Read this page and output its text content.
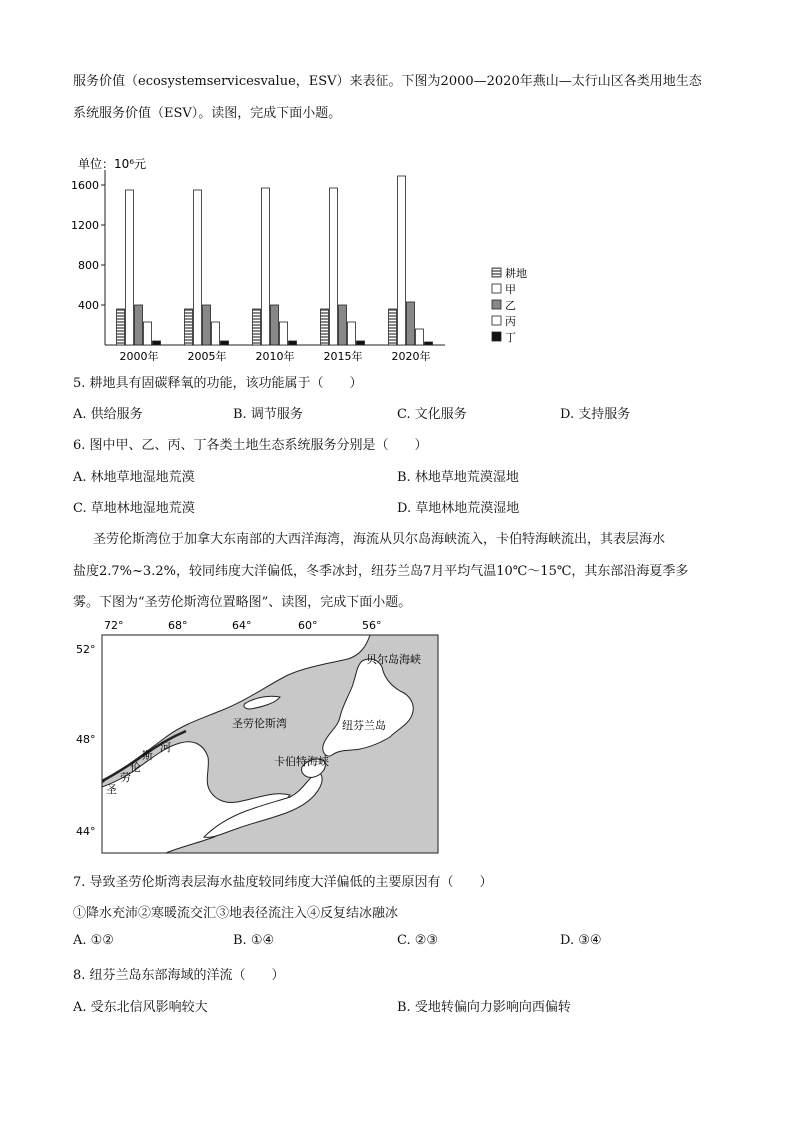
服务价值（ecosystemservicesvalue，ESV）来表征。下图为2000—2020年燕山—太行山区各类用地生态
系统服务价值（ESV）。读图，完成下面小题。
单位：10⁶元
400
800
1200
1600
2000年	2005年	2010年	2015年	2020年
耕地
甲
乙
丙
丁
5. 耕地具有固碳释氧的功能，该功能属于（　　）
A. 供给服务	B. 调节服务	C. 文化服务	D. 支持服务
6. 图中甲、乙、丙、丁各类土地生态系统服务分别是（　　）
A. 林地草地湿地荒漠	B. 林地草地荒漠湿地
C. 草地林地湿地荒漠	D. 草地林地荒漠湿地
圣劳伦斯湾位于加拿大东南部的大西洋海湾，海流从贝尔岛海峡流入，卡伯特海峡流出，其表层海水
盐度2.7%~3.2%，较同纬度大洋偏低，冬季冰封，纽芬兰岛7月平均气温10℃～15℃，其东部沿海夏季多
雾。下图为“圣劳伦斯湾位置略图”、读图，完成下面小题。
72°	68°	64°	60°	56°
52°
48°
44°
贝尔岛海峡
圣劳伦斯湾	纽芬兰岛
卡伯特海峡
斯
河
劳
伦
圣
7. 导致圣劳伦斯湾表层海水盐度较同纬度大洋偏低的主要原因有（　　）
①降水充沛②寒暖流交汇③地表径流注入④反复结冰融冰
A. ①②	B. ①④	C. ②③	D. ③④
8. 纽芬兰岛东部海域的洋流（　　）
A. 受东北信风影响较大	B. 受地转偏向力影响向西偏转
